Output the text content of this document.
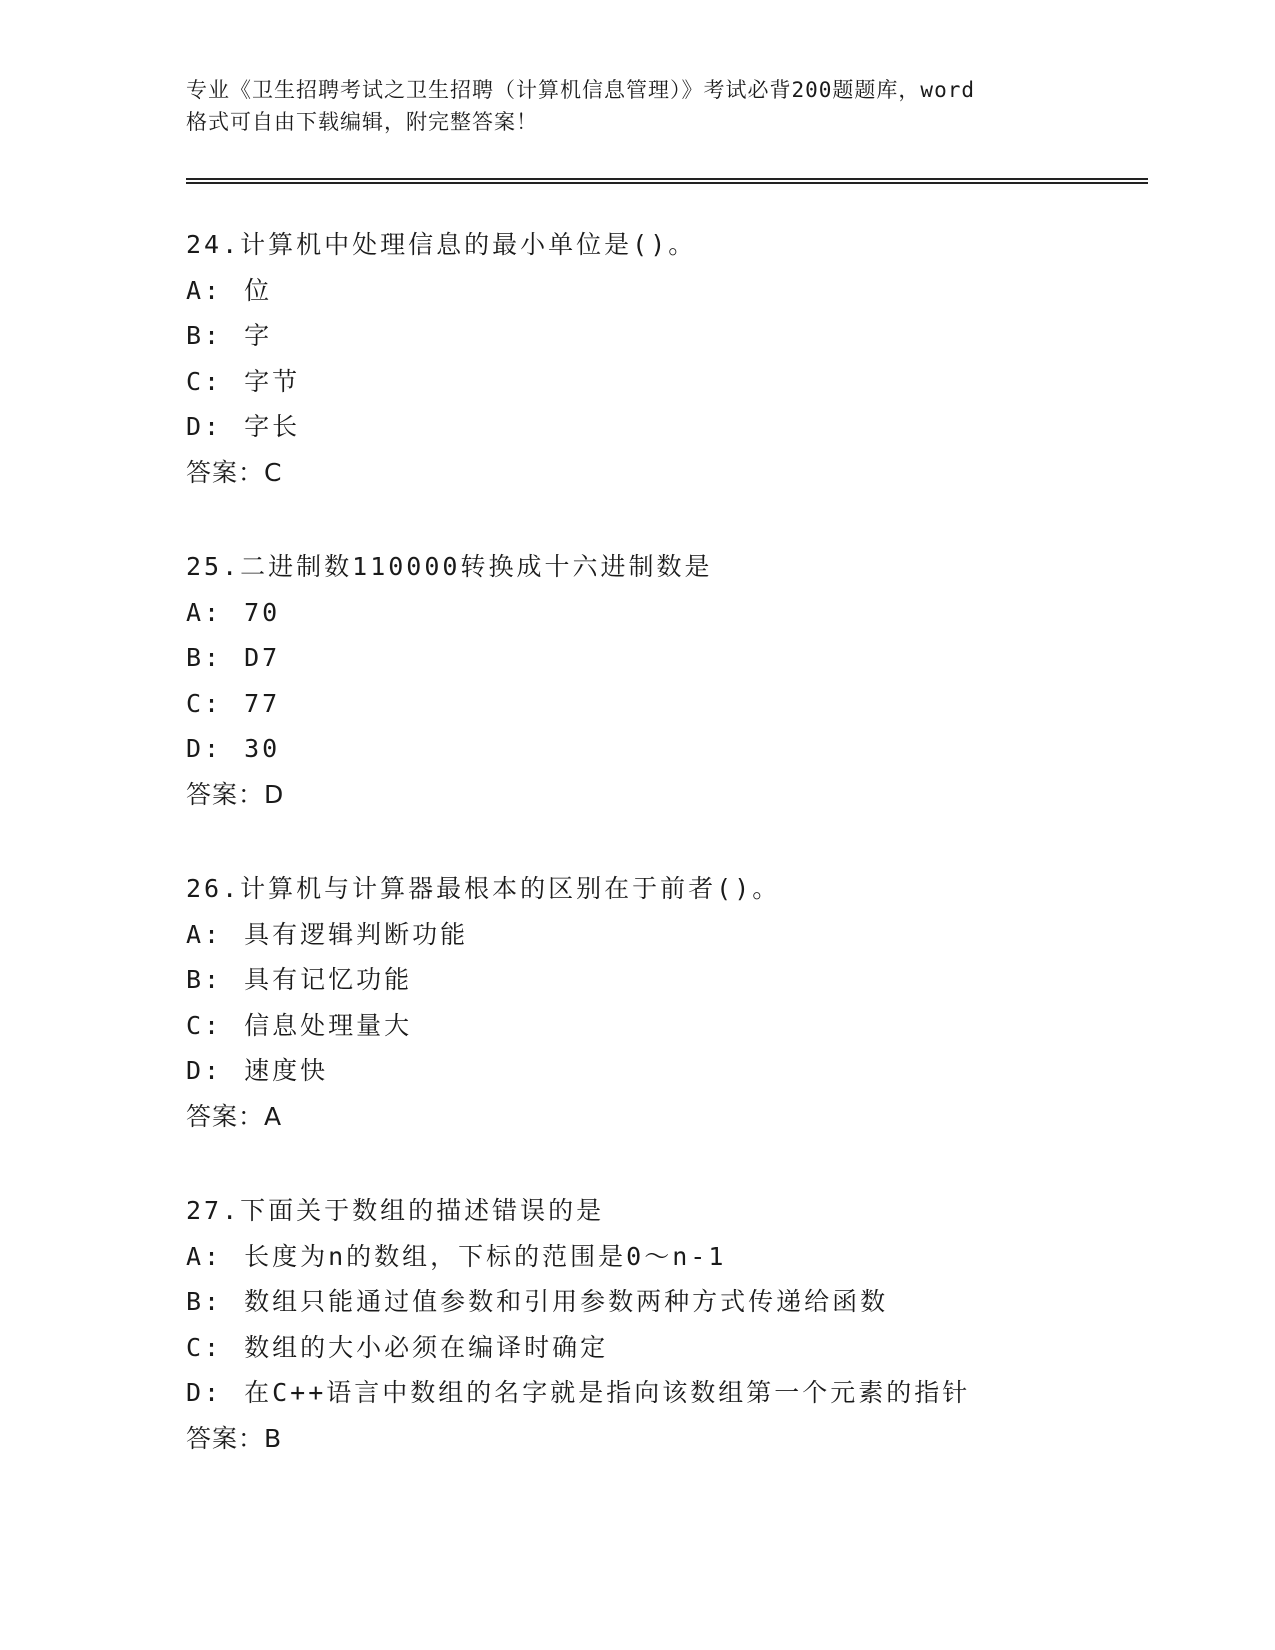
专业《卫生招聘考试之卫生招聘（计算机信息管理）》考试必背200题题库，word
格式可自由下载编辑，附完整答案！
24.计算机中处理信息的最小单位是()。
A: 位
B: 字
C: 字节
D: 字长
答案：C
25.二进制数110000转换成十六进制数是
A: 70
B: D7
C: 77
D: 30
答案：D
26.计算机与计算器最根本的区别在于前者()。
A: 具有逻辑判断功能
B: 具有记忆功能
C: 信息处理量大
D: 速度快
答案：A
27.下面关于数组的描述错误的是
A: 长度为n的数组，下标的范围是0～n-1
B: 数组只能通过值参数和引用参数两种方式传递给函数
C: 数组的大小必须在编译时确定
D: 在C++语言中数组的名字就是指向该数组第一个元素的指针
答案：B
